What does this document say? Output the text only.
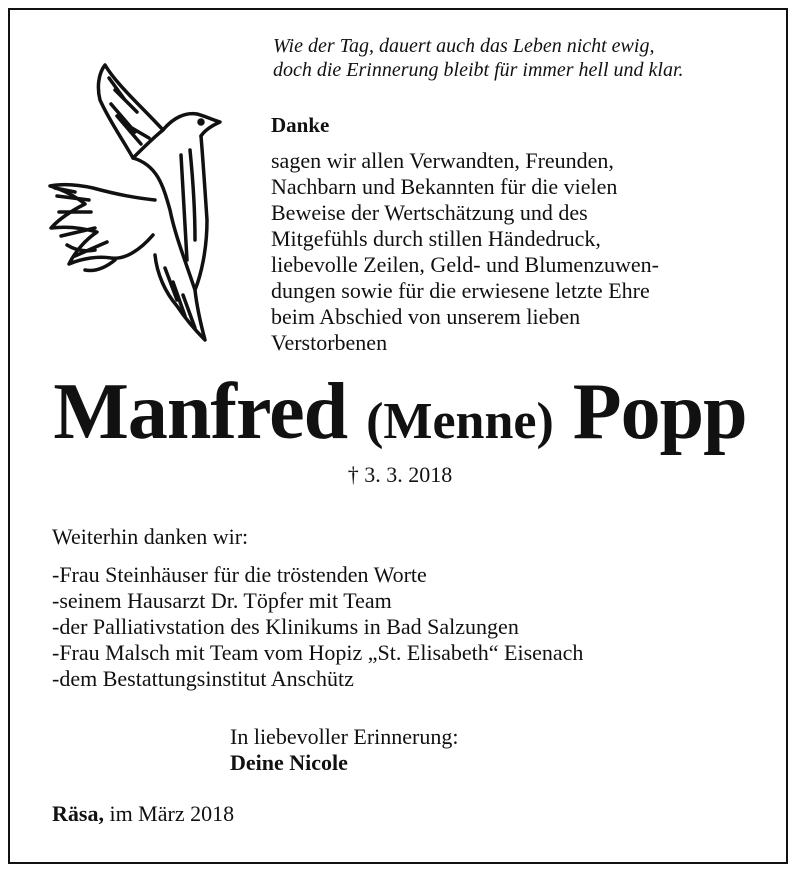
Wie der Tag, dauert auch das Leben nicht ewig,
doch die Erinnerung bleibt für immer hell und klar.
Danke
sagen wir allen Verwandten, Freunden,
Nachbarn und Bekannten für die vielen
Beweise der Wertschätzung und des
Mitgefühls durch stillen Händedruck,
liebevolle Zeilen, Geld- und Blumenzuwen-
dungen sowie für die erwiesene letzte Ehre
beim Abschied von unserem lieben
Verstorbenen
Manfred (Menne) Popp
† 3. 3. 2018
Weiterhin danken wir:
-Frau Steinhäuser für die tröstenden Worte
-seinem Hausarzt Dr. Töpfer mit Team
-der Palliativstation des Klinikums in Bad Salzungen
-Frau Malsch mit Team vom Hopiz „St. Elisabeth“ Eisenach
-dem Bestattungsinstitut Anschütz
In liebevoller Erinnerung:
Deine Nicole
Räsa, im März 2018
